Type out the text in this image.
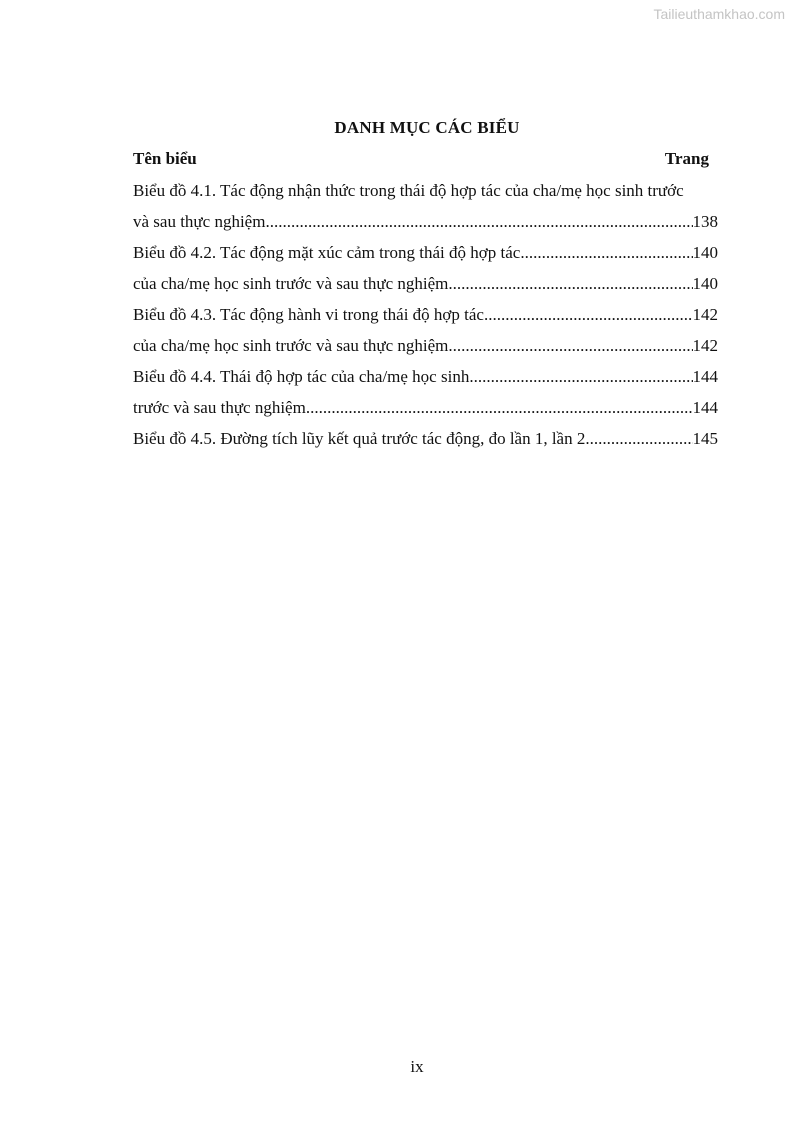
Tailieuthamkhao.com
DANH MỤC CÁC BIỂU
Tên biểu	Trang
Biểu đồ 4.1. Tác động nhận thức trong thái độ hợp tác của cha/mẹ học sinh trước
và sau thực nghiệm .....	138
Biểu đồ 4.2. Tác động mặt xúc cảm trong thái độ hợp tác .....	140
của cha/mẹ học sinh trước và sau thực nghiệm .....	140
Biểu đồ 4.3. Tác động hành vi trong thái độ hợp tác .....	142
của cha/mẹ học sinh trước và sau thực nghiệm .....	142
Biểu đồ 4.4. Thái độ hợp tác của cha/mẹ học sinh .....	144
trước và sau thực nghiệm .....	144
Biểu đồ 4.5. Đường tích lũy kết quả trước tác động, đo lần 1, lần 2 .....	145
ix
